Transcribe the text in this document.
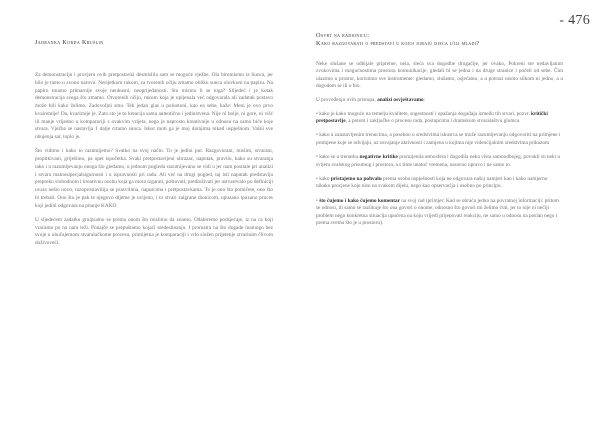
- 476
Jadranka Korda Krušlin

Za demonstraciju i provjeru ovih pretpostavki desmislila sam se moguće vježbe. Ola biromismo iz Sunca, jer bilo je tamo u zvono narovu. Nerijetkom rukom, za tvorenih očiju zmamo obliku sunca olovkom na papiru. Na papiru tmamo primarnije svoje neukusni, neoprijeđanosti. Sto mismo li se toga? Slijedeć i je kotak demonstracija svega što zmamo. Otvorenih očiju, rukom koja je upijenala već odgovarala ali zadatak postavo može bili kako želimo. Zadovoljni smo. Tek jedan glas u poluotoni, kao ea sebe, kaže: Meni je ovo prvo kvairemije! Da, kvarirnije je. Zato sto je to kreacija sama autentično i jedinstvena. Nije ni bolje, ni gore, ni višć ili manje vrijedno u komparaciji s ovakvim vrijeta, nego je naprosto kreativnije u odnosu na samo biće koje stvara. Vježba se nastavlja 1 dalje crtamo sunca. Ishor moti ga je moj darnjima nikad uspješnom. Vašni sve obujenja sar, toplo je.

Što vidimo i kako to razumijemo? Svatko na svoj način. To je jedini put. Razgovorani, mislim, stvarani, propitkivani, griješimo, pa opet ispočetka. Svaki pretpostavljeni obrazac, naputak, pravilo, kako su stvaranja tako i u razumijevanju onoga što gledamo, u jednom pogledu razumijevano se vidi u jer nam postiale pri analizi i stvara mamosipecjalsigurnosti i u ispravnosti pri radu. Ali već na drugi pogled, taj isti naputak predstavlja prepreku slobodnom i kreativnu osobu koja ga mora izgarati, poštovati, predloživati jer ustvarevalo po definiciji uvara nešto novo, razoprostaviliju se prasvilima, naputcima i pretpostavkama. To je ono što pomičete, ono što bi trebali. Ono što je pak te njegovo dijeme je uvijeno, i to stvari zaigrane dionicom, upuzano ipuzano proces koji jedini odgovara na pitanje KAKO.

U sljedećem zadatku gruipramo se prema onom što mislimo da znamo. Odabiremo podsjećaje, iz na ca koji vraćamo po na nam leži. Ponajče se prepuštamo kojaći sredestinanju. I promatra na što dogade mamogo bez svoje u obučajemom stvaralačkome procesu, primijetna je komparaciji i vrlo složen prijetenje stvarinim člivom doživoveći.

Osvrt na radionicu:
Kako razgovarati o predstavi u kojoj igraju djeca i/ili mladi?

Neke slušane se odbijale pripreme, nela, sleća sva dogodbe drugačije, jer ovako, Pokreni ste nedavljanim zvukovima i mogućnostima prostora komunikacije, gledali bi se jedna i na druge stranice i počeli od sebe. Čim ulazimo u prostor, koristimo sve instrumente: gledamo, slušamo, osjećamo, a u potrazi nismo slikom ni jedno, a u dogodom se ili o bio.

U provođenju ovih pristupa, analizi osvještavamo:

• kako je kako moguće na temelju kvalitete, sugestnosti i opažanja događaja između tih stvari, pozvr. kritički pretpostavlje, a potom i zaključke o procesu rada, postupcima i dramskom stvaralaštvu glumca
• kako u zaustavljenim trenucima, a posebno u sredstvima iskustva se može razumijevanju odgovoriti na primjene i promjene koje se odvijaju, uz usvajanje aktivnosti i zamjena u kojima nije videncijalnim sredstvima prikazom
• kako se u trenutku negativne kritike promijenila atmosfera i dogodila neka vista samoodbojeg, povukli su neki u svijetu svalskog prisutnog i prostora, a s time unatoč vremena, naravno upravo i ne samo to.
• kako pristajemo na pohvalu prema osoba uspješnosti koja ne odgovara našoj namjeri kao i kako namjerno nikako procjene koje nisu na svakom dijelu, nego kao opservacija i osobno po principu.
• što čujemo i kako čujemo komentar na svoj rad (primjer: Kad se obraća jedno na povratnoj informaciji: pritom se odnosi, ili samo se razlikuje što ona govori o onome, odnosno što govori mi želimo čuti, jer to nije ni nečiji problem nego konkretna situacija upućena na koju vrijedi prijepovati reakciju, ne samo u odnosu na poslan nego i prema svemu što je u prostoru).
